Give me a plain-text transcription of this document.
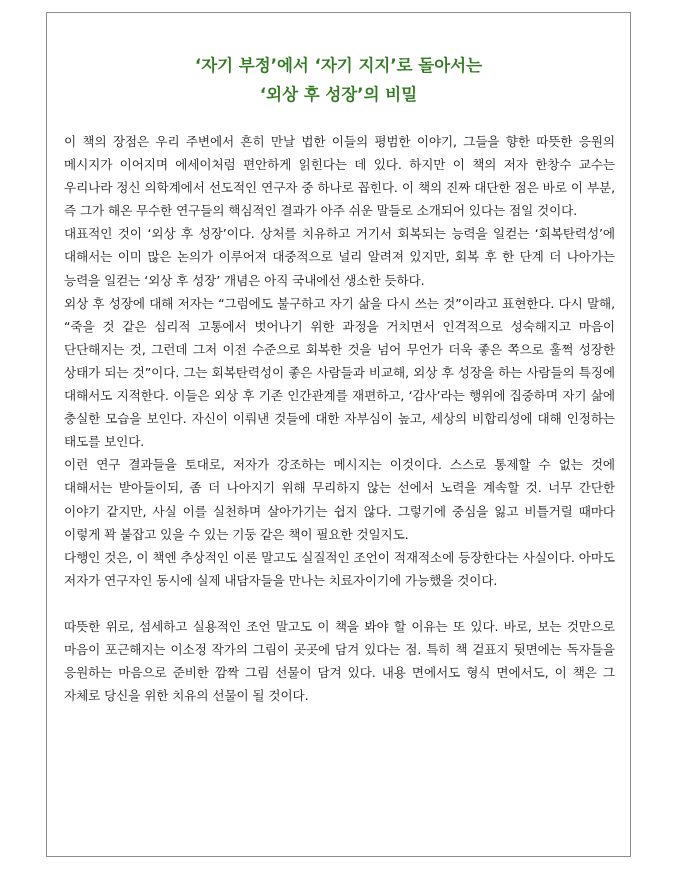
‘자기 부정’에서 ‘자기 지지’로 돌아서는
‘외상 후 성장’의 비밀

이 책의 장점은 우리 주변에서 흔히 만날 법한 이들의 평범한 이야기, 그들을 향한 따뜻한 응원의 메시지가 이어지며 에세이처럼 편안하게 읽힌다는 데 있다. 하지만 이 책의 저자 한창수 교수는 우리나라 정신 의학계에서 선도적인 연구자 중 하나로 꼽힌다. 이 책의 진짜 대단한 점은 바로 이 부분, 즉 그가 해온 무수한 연구들의 핵심적인 결과가 아주 쉬운 말들로 소개되어 있다는 점일 것이다.

대표적인 것이 ‘외상 후 성장’이다. 상처를 치유하고 거기서 회복되는 능력을 일컫는 ‘회복탄력성’에 대해서는 이미 많은 논의가 이루어져 대중적으로 널리 알려져 있지만, 회복 후 한 단계 더 나아가는 능력을 일컫는 ‘외상 후 성장’ 개념은 아직 국내에선 생소한 듯하다.

외상 후 성장에 대해 저자는 “그럼에도 불구하고 자기 삶을 다시 쓰는 것”이라고 표현한다. 다시 말해, “죽을 것 같은 심리적 고통에서 벗어나기 위한 과정을 거치면서 인격적으로 성숙해지고 마음이 단단해지는 것, 그런데 그저 이전 수준으로 회복한 것을 넘어 무언가 더욱 좋은 쪽으로 훌쩍 성장한 상태가 되는 것”이다. 그는 회복탄력성이 좋은 사람들과 비교해, 외상 후 성장을 하는 사람들의 특징에 대해서도 지적한다. 이들은 외상 후 기존 인간관계를 재편하고, ‘감사’라는 행위에 집중하며 자기 삶에 충실한 모습을 보인다. 자신이 이뤄낸 것들에 대한 자부심이 높고, 세상의 비합리성에 대해 인정하는 태도를 보인다.

이런 연구 결과들을 토대로, 저자가 강조하는 메시지는 이것이다. 스스로 통제할 수 없는 것에 대해서는 받아들이되, 좀 더 나아지기 위해 무리하지 않는 선에서 노력을 계속할 것. 너무 간단한 이야기 같지만, 사실 이를 실천하며 살아가기는 쉽지 않다. 그렇기에 중심을 잃고 비틀거릴 때마다 이렇게 꽉 붙잡고 있을 수 있는 기둥 같은 책이 필요한 것일지도.

다행인 것은, 이 책엔 추상적인 이론 말고도 실질적인 조언이 적재적소에 등장한다는 사실이다. 아마도 저자가 연구자인 동시에 실제 내담자들을 만나는 치료자이기에 가능했을 것이다.

따뜻한 위로, 섬세하고 실용적인 조언 말고도 이 책을 봐야 할 이유는 또 있다. 바로, 보는 것만으로 마음이 포근해지는 이소정 작가의 그림이 곳곳에 담겨 있다는 점. 특히 책 겉표지 뒷면에는 독자들을 응원하는 마음으로 준비한 깜짝 그림 선물이 담겨 있다. 내용 면에서도 형식 면에서도, 이 책은 그 자체로 당신을 위한 치유의 선물이 될 것이다.
